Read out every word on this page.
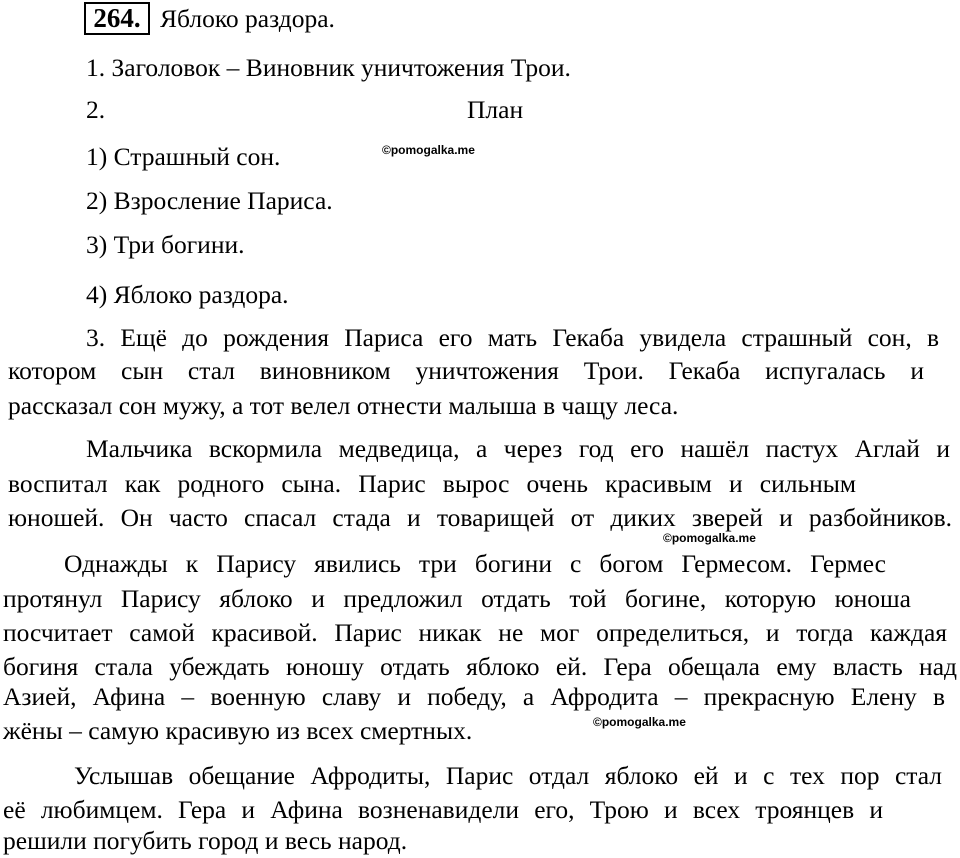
264. Яблоко раздора.
1. Заголовок – Виновник уничтожения Трои.
2.	План
©pomogalka.me
1) Страшный сон.
2) Взросление Париса.
3) Три богини.
4) Яблоко раздора.
3. Ещё до рождения Париса его мать Гекаба увидела страшный сон, в
котором сын стал виновником уничтожения Трои. Гекаба испугалась и
рассказал сон мужу, а тот велел отнести малыша в чащу леса.
Мальчика вскормила медведица, а через год его нашёл пастух Аглай и
воспитал как родного сына. Парис вырос очень красивым и сильным
юношей. Он часто спасал стада и товарищей от диких зверей и разбойников.
©pomogalka.me
Однажды к Парису явились три богини с богом Гермесом. Гермес
протянул Парису яблоко и предложил отдать той богине, которую юноша
посчитает самой красивой. Парис никак не мог определиться, и тогда каждая
богиня стала убеждать юношу отдать яблоко ей. Гера обещала ему власть над
Азией, Афина – военную славу и победу, а Афродита – прекрасную Елену в
жёны – самую красивую из всех смертных.	©pomogalka.me
Услышав обещание Афродиты, Парис отдал яблоко ей и с тех пор стал
её любимцем. Гера и Афина возненавидели его, Трою и всех троянцев и
решили погубить город и весь народ.
